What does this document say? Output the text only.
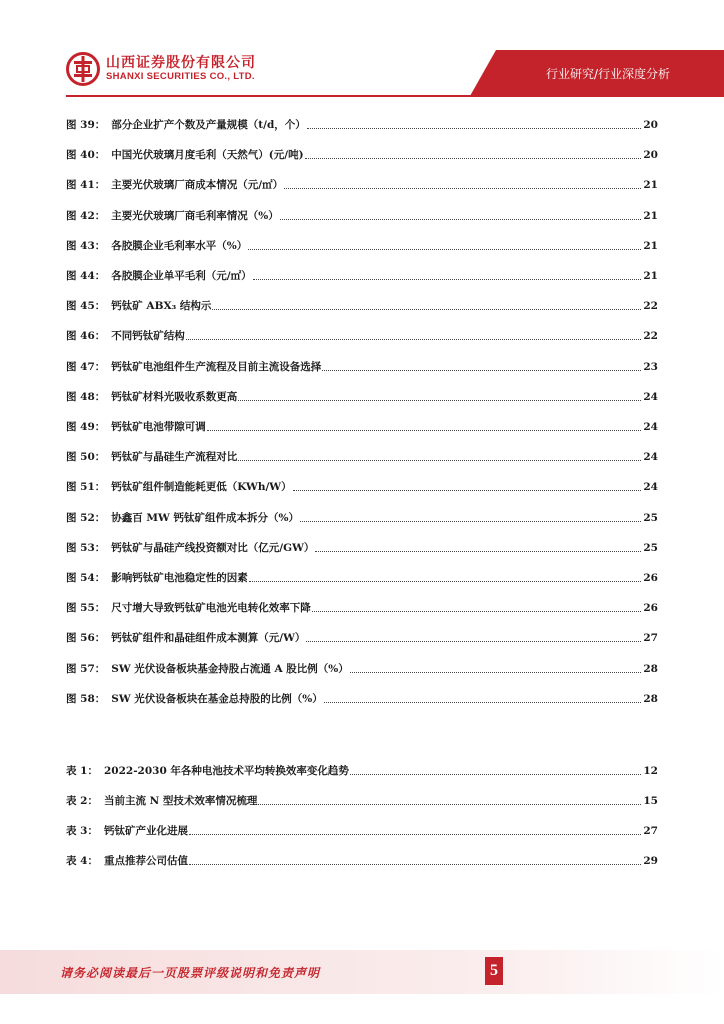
山西证券股份有限公司
SHANXI SECURITIES CO., LTD.	行业研究/行业深度分析
图 39： 部分企业扩产个数及产量规模（t/d，个）	20
图 40： 中国光伏玻璃月度毛利（天然气）(元/吨)	20
图 41： 主要光伏玻璃厂商成本情况（元/㎡）	21
图 42： 主要光伏玻璃厂商毛利率情况（%）	21
图 43： 各胶膜企业毛利率水平（%）	21
图 44： 各胶膜企业单平毛利（元/㎡）	21
图 45： 钙钛矿 ABX₃ 结构示	22
图 46： 不同钙钛矿结构	22
图 47： 钙钛矿电池组件生产流程及目前主流设备选择	23
图 48： 钙钛矿材料光吸收系数更高	24
图 49： 钙钛矿电池带隙可调	24
图 50： 钙钛矿与晶硅生产流程对比	24
图 51： 钙钛矿组件制造能耗更低（KWh/W）	24
图 52： 协鑫百 MW 钙钛矿组件成本拆分（%）	25
图 53： 钙钛矿与晶硅产线投资额对比（亿元/GW）	25
图 54： 影响钙钛矿电池稳定性的因素	26
图 55： 尺寸增大导致钙钛矿电池光电转化效率下降	26
图 56： 钙钛矿组件和晶硅组件成本测算（元/W）	27
图 57： SW 光伏设备板块基金持股占流通 A 股比例（%）	28
图 58： SW 光伏设备板块在基金总持股的比例（%）	28
表 1： 2022-2030 年各种电池技术平均转换效率变化趋势	12
表 2： 当前主流 N 型技术效率情况梳理	15
表 3： 钙钛矿产业化进展	27
表 4： 重点推荐公司估值	29
请务必阅读最后一页股票评级说明和免责声明	5
